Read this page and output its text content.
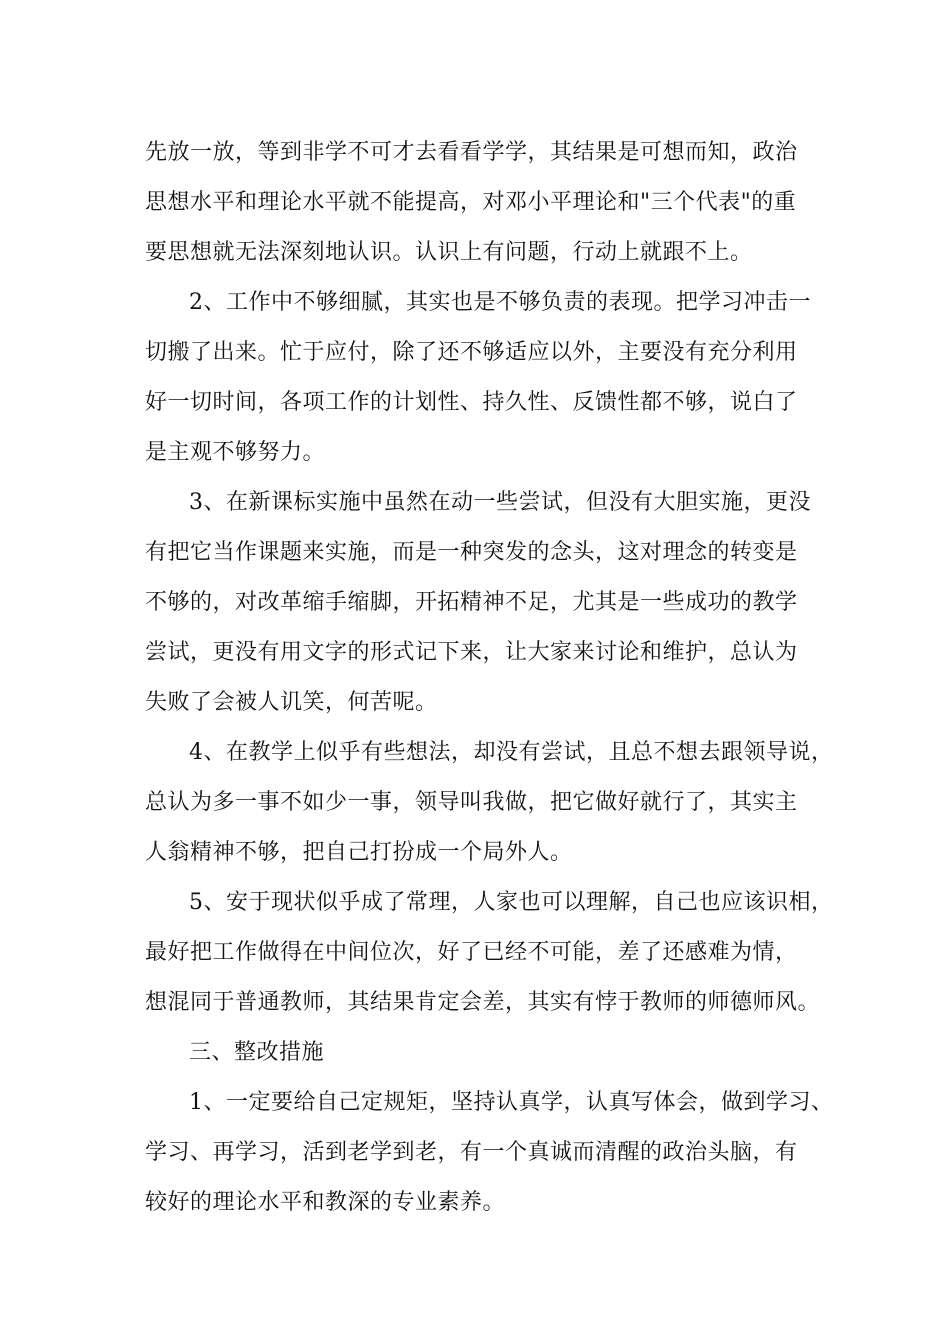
先放一放，等到非学不可才去看看学学，其结果是可想而知，政治
思想水平和理论水平就不能提高，对邓小平理论和"三个代表"的重
要思想就无法深刻地认识。认识上有问题，行动上就跟不上。
2、工作中不够细腻，其实也是不够负责的表现。把学习冲击一
切搬了出来。忙于应付，除了还不够适应以外，主要没有充分利用
好一切时间，各项工作的计划性、持久性、反馈性都不够，说白了
是主观不够努力。
3、在新课标实施中虽然在动一些尝试，但没有大胆实施，更没
有把它当作课题来实施，而是一种突发的念头，这对理念的转变是
不够的，对改革缩手缩脚，开拓精神不足，尤其是一些成功的教学
尝试，更没有用文字的形式记下来，让大家来讨论和维护，总认为
失败了会被人讥笑，何苦呢。
4、在教学上似乎有些想法，却没有尝试，且总不想去跟领导说，
总认为多一事不如少一事，领导叫我做，把它做好就行了，其实主
人翁精神不够，把自己打扮成一个局外人。
5、安于现状似乎成了常理，人家也可以理解，自己也应该识相，
最好把工作做得在中间位次，好了已经不可能，差了还感难为情，
想混同于普通教师，其结果肯定会差，其实有悖于教师的师德师风。
三、整改措施
1、一定要给自己定规矩，坚持认真学，认真写体会，做到学习、
学习、再学习，活到老学到老，有一个真诚而清醒的政治头脑，有
较好的理论水平和教深的专业素养。
